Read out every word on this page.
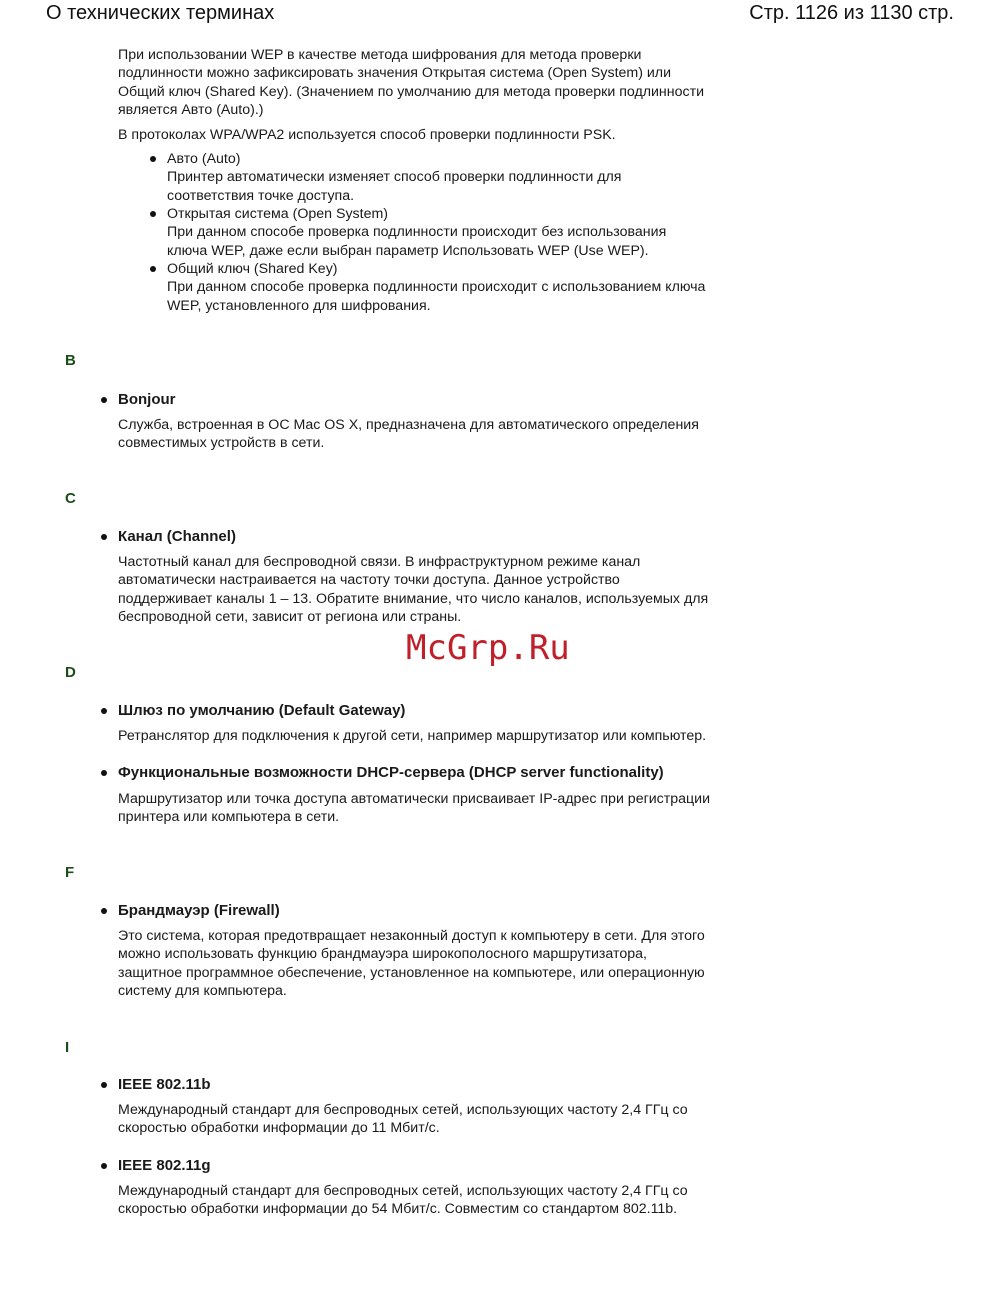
О технических терминах	Стр. 1126 из 1130 стр.
При использовании WEP в качестве метода шифрования для метода проверки
подлинности можно зафиксировать значения Открытая система (Open System) или
Общий ключ (Shared Key). (Значением по умолчанию для метода проверки подлинности
является Авто (Auto).)
В протоколах WPA/WPA2 используется способ проверки подлинности PSK.
Авто (Auto)
Принтер автоматически изменяет способ проверки подлинности для
соответствия точке доступа.
Открытая система (Open System)
При данном способе проверка подлинности происходит без использования
ключа WEP, даже если выбран параметр Использовать WEP (Use WEP).
Общий ключ (Shared Key)
При данном способе проверка подлинности происходит с использованием ключа
WEP, установленного для шифрования.
B
Bonjour
Служба, встроенная в ОС Mac OS X, предназначена для автоматического определения
совместимых устройств в сети.
C
Канал (Channel)
Частотный канал для беспроводной связи. В инфраструктурном режиме канал
автоматически настраивается на частоту точки доступа. Данное устройство
поддерживает каналы 1 – 13. Обратите внимание, что число каналов, используемых для
беспроводной сети, зависит от региона или страны.
McGrp.Ru
D
Шлюз по умолчанию (Default Gateway)
Ретранслятор для подключения к другой сети, например маршрутизатор или компьютер.
Функциональные возможности DHCP-сервера (DHCP server functionality)
Маршрутизатор или точка доступа автоматически присваивает IP-адрес при регистрации
принтера или компьютера в сети.
F
Брандмауэр (Firewall)
Это система, которая предотвращает незаконный доступ к компьютеру в сети. Для этого
можно использовать функцию брандмауэра широкополосного маршрутизатора,
защитное программное обеспечение, установленное на компьютере, или операционную
систему для компьютера.
I
IEEE 802.11b
Международный стандарт для беспроводных сетей, использующих частоту 2,4 ГГц со
скоростью обработки информации до 11 Мбит/с.
IEEE 802.11g
Международный стандарт для беспроводных сетей, использующих частоту 2,4 ГГц со
скоростью обработки информации до 54 Мбит/с. Совместим со стандартом 802.11b.
